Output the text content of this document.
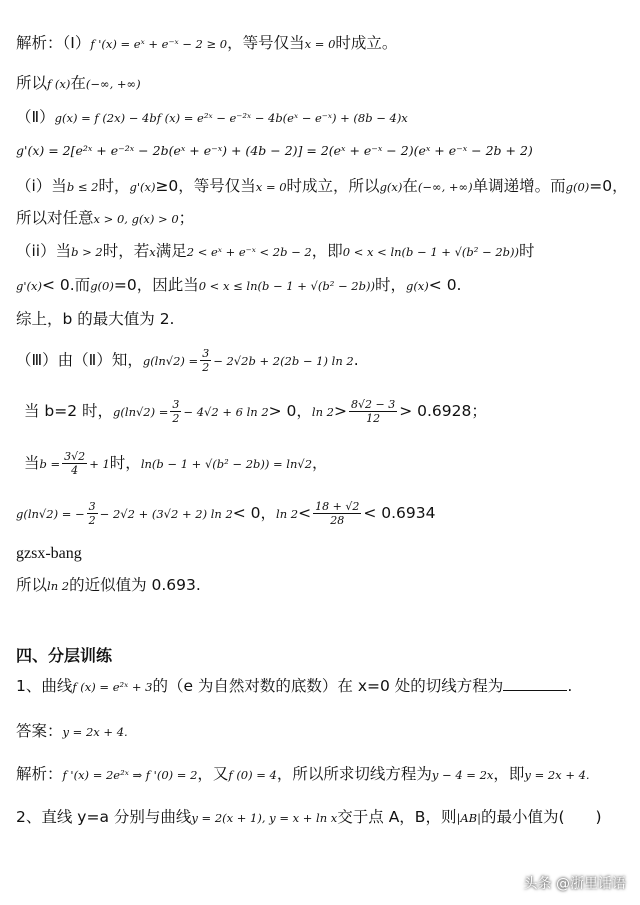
解析：（Ⅰ）f '(x) = eˣ + e⁻ˣ − 2 ≥ 0，等号仅当x = 0时成立。
所以f (x)在(−∞, +∞)
（Ⅱ）g(x) = f (2x) − 4bf (x) = e²ˣ − e⁻²ˣ − 4b(eˣ − e⁻ˣ) + (8b − 4)x
g'(x) = 2[e²ˣ + e⁻²ˣ − 2b(eˣ + e⁻ˣ) + (4b − 2)] = 2(eˣ + e⁻ˣ − 2)(eˣ + e⁻ˣ − 2b + 2)
（i）当b ≤ 2时，g'(x)≥0，等号仅当x = 0时成立，所以g(x)在(−∞, +∞)单调递增。而g(0)=0，
所以对任意x > 0, g(x) > 0；
（ii）当b > 2时，若x满足2 < eˣ + e⁻ˣ < 2b − 2，即0 < x < ln(b − 1 + √(b² − 2b))时
g'(x)< 0.而g(0)=0，因此当0 < x ≤ ln(b − 1 + √(b² − 2b))时，g(x)< 0.
综上，b 的最大值为 2.
（Ⅲ）由（Ⅱ）知，$g(\ln√2) = \frac{3}{2} - 2√2b + 2(2b - 1)$ ln 2.
当 b=2 时，$g(\ln√2) = \frac{3}{2} - 4√2 + 6$ ln 2> 0，$\ln 2> \frac{8√2 - 3}{12} > 0.6928$；
当$b = \frac{3√2}{4} + 1$时，ln(b − 1 + √(b² − 2b)) = ln√2，
g(ln√2) = − $\frac{3}{2} - 2√2 + (3√2 + 2)$ ln 2< 0，$\ln 2< \frac{18 + √2}{28} < 0.6934$
gzsx-bang
所以ln 2的近似值为 0.693.
四、分层训练
1、曲线f (x) = e²ˣ + 3的（e 为自然对数的底数）在 x=0 处的切线方程为	.
答案：y = 2x + 4.
解析：f '(x) = 2e²ˣ ⇒ f '(0) = 2，又f (0) = 4，所以所求切线方程为y − 4 = 2x，即y = 2x + 4.
2、直线 y=a 分别与曲线y = 2(x + 1), y = x + ln x交于点 A，B，则|AB|的最小值为(　　)
头条 @浙里话语
